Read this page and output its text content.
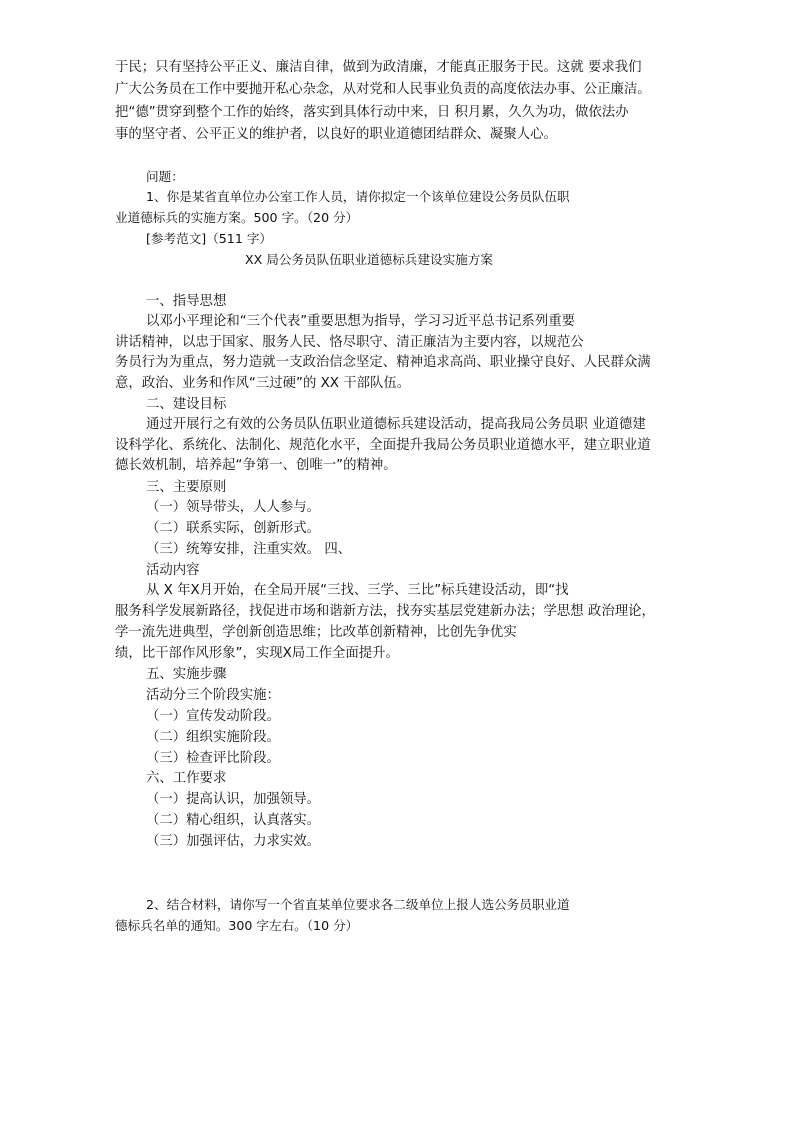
于民；只有坚持公平正义、廉洁自律，做到为政清廉，才能真正服务于民。这就 要求我们
广大公务员在工作中要抛开私心杂念，从对党和人民事业负责的高度依法办事、公正廉洁。
把“德”贯穿到整个工作的始终，落实到具体行动中来，日 积月累，久久为功，做依法办
事的坚守者、公平正义的维护者，以良好的职业道德团结群众、凝聚人心。
问题：
1、你是某省直单位办公室工作人员，请你拟定一个该单位建设公务员队伍职
业道德标兵的实施方案。500 字。（20 分）
[参考范文]（511 字）
XX 局公务员队伍职业道德标兵建设实施方案
一、指导思想
以邓小平理论和“三个代表”重要思想为指导，学习习近平总书记系列重要
讲话精神，以忠于国家、服务人民、恪尽职守、清正廉洁为主要内容，以规范公
务员行为为重点，努力造就一支政治信念坚定、精神追求高尚、职业操守良好、人民群众满
意，政治、业务和作风“三过硬”的 XX 干部队伍。
二、建设目标
通过开展行之有效的公务员队伍职业道德标兵建设活动，提高我局公务员职 业道德建
设科学化、系统化、法制化、规范化水平，全面提升我局公务员职业道德水平，建立职业道
德长效机制，培养起“争第一、创唯一”的精神。
三、主要原则
（一）领导带头，人人参与。
（二）联系实际，创新形式。
（三）统筹安排，注重实效。 四、
活动内容
从 X 年X月开始，在全局开展“三找、三学、三比”标兵建设活动，即“找
服务科学发展新路径，找促进市场和谐新方法，找夯实基层党建新办法；学思想 政治理论，
学一流先进典型，学创新创造思维；比改革创新精神，比创先争优实
绩，比干部作风形象”，实现X局工作全面提升。
五、实施步骤
活动分三个阶段实施：
（一）宣传发动阶段。
（二）组织实施阶段。
（三）检查评比阶段。
六、工作要求
（一）提高认识，加强领导。
（二）精心组织，认真落实。
（三）加强评估，力求实效。
2、结合材料，请你写一个省直某单位要求各二级单位上报人选公务员职业道
德标兵名单的通知。300 字左右。（10 分）
